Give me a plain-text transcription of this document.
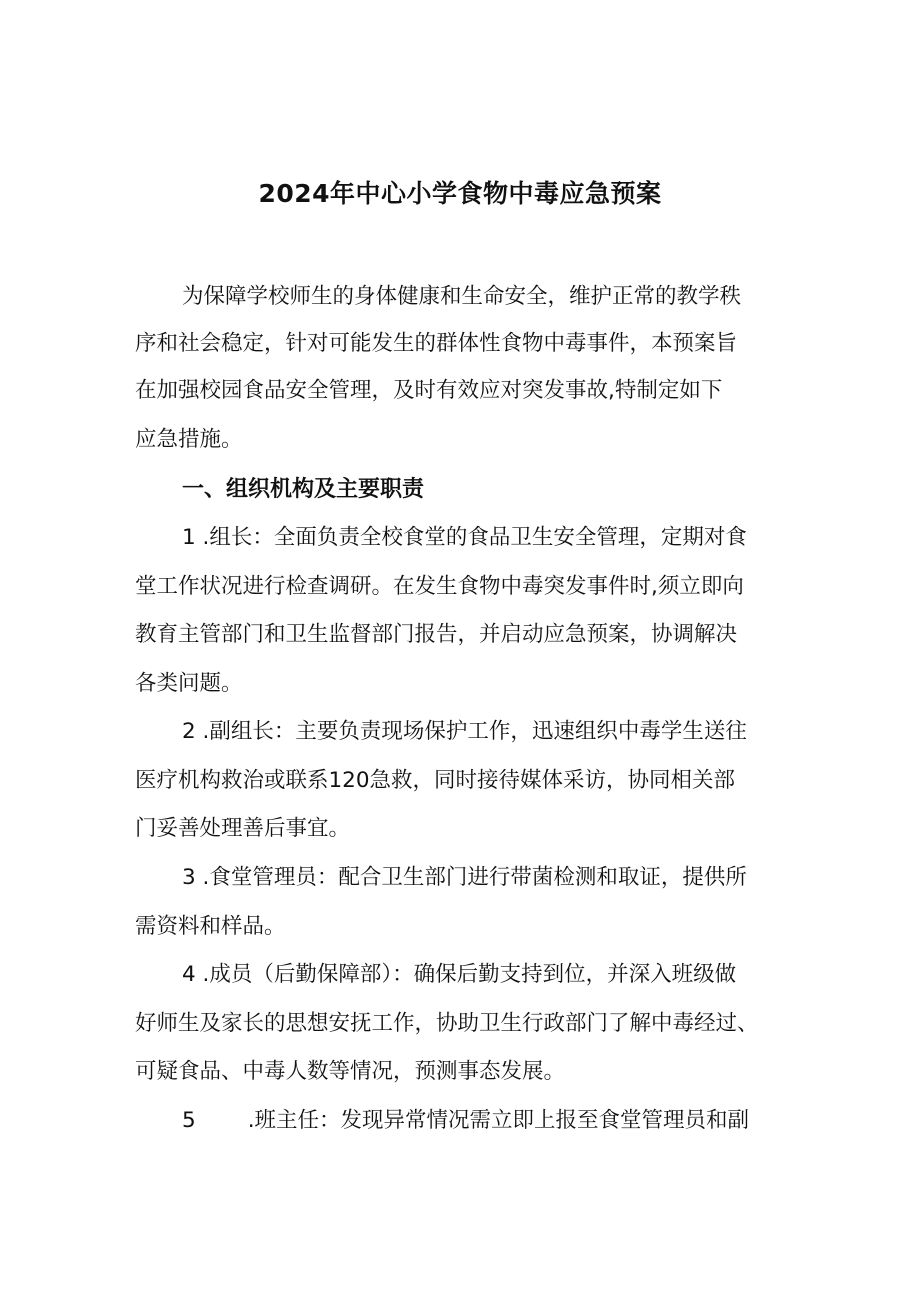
2024年中心小学食物中毒应急预案
为保障学校师生的身体健康和生命安全，维护正常的教学秩
序和社会稳定，针对可能发生的群体性食物中毒事件，本预案旨
在加强校园食品安全管理，及时有效应对突发事故,特制定如下
应急措施。
一、组织机构及主要职责
1 .组长：全面负责全校食堂的食品卫生安全管理，定期对食
堂工作状况进行检查调研。在发生食物中毒突发事件时,须立即向
教育主管部门和卫生监督部门报告，并启动应急预案，协调解决
各类问题。
2 .副组长：主要负责现场保护工作，迅速组织中毒学生送往
医疗机构救治或联系120急救，同时接待媒体采访，协同相关部
门妥善处理善后事宜。
3 .食堂管理员：配合卫生部门进行带菌检测和取证，提供所
需资料和样品。
4 .成员（后勤保障部）：确保后勤支持到位，并深入班级做
好师生及家长的思想安抚工作，协助卫生行政部门了解中毒经过、
可疑食品、中毒人数等情况，预测事态发展。
5 .班主任：发现异常情况需立即上报至食堂管理员和副
